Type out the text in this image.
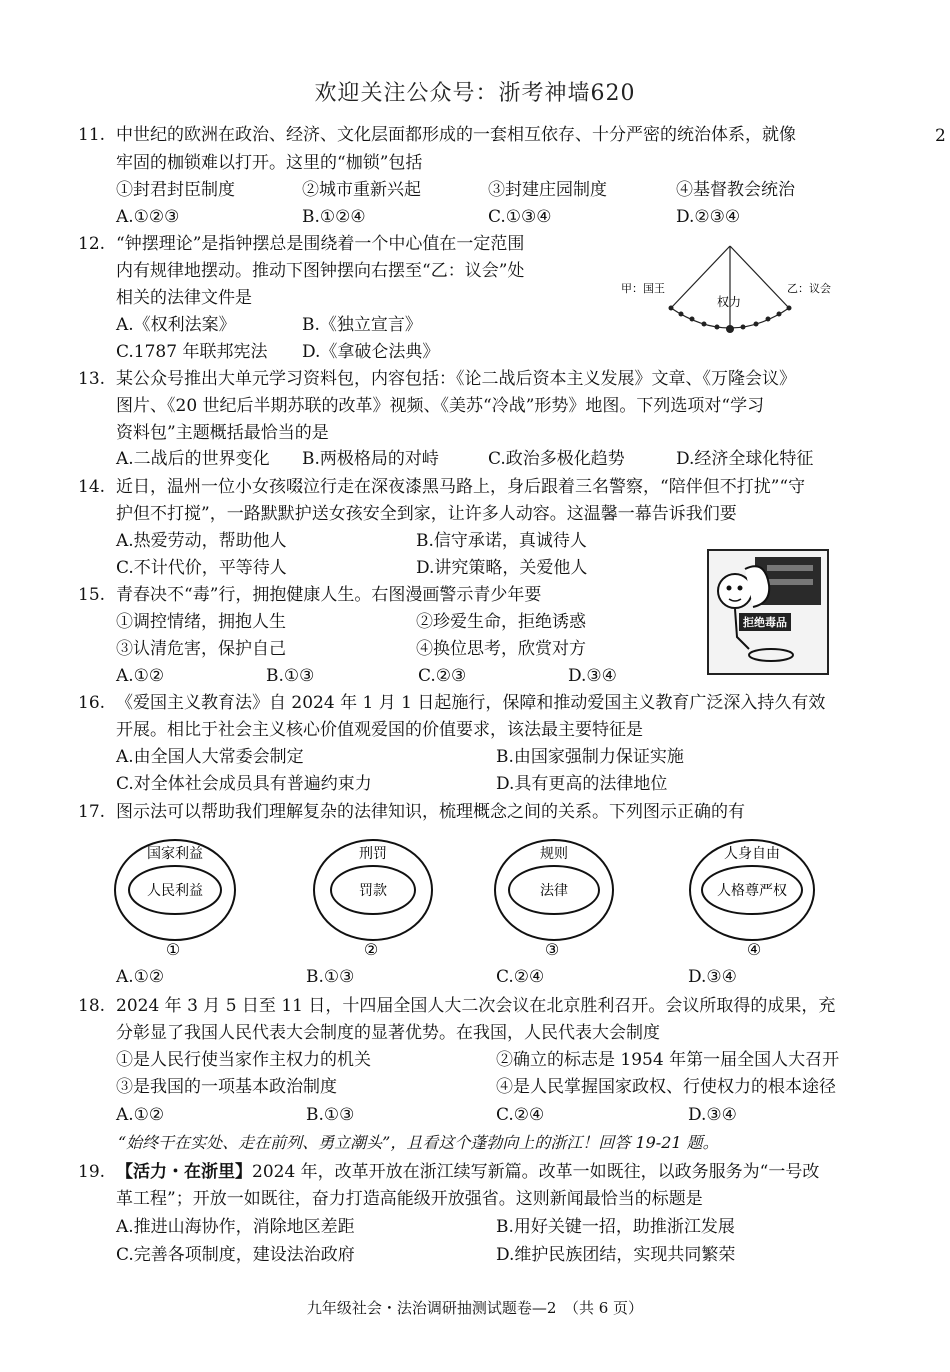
欢迎关注公众号：浙考神墙620
2
11. 中世纪的欧洲在政治、经济、文化层面都形成的一套相互依存、十分严密的统治体系，就像
牢固的枷锁难以打开。这里的“枷锁”包括
①封君封臣制度	②城市重新兴起	③封建庄园制度	④基督教会统治
A.①②③	B.①②④	C.①③④	D.②③④
12. “钟摆理论”是指钟摆总是围绕着一个中心值在一定范围
内有规律地摆动。推动下图钟摆向右摆至“乙：议会”处
相关的法律文件是
A.《权利法案》	B.《独立宣言》
C.1787 年联邦宪法 D.《拿破仑法典》
甲：国王	乙：议会
权力
13. 某公众号推出大单元学习资料包，内容包括：《论二战后资本主义发展》文章、《万隆会议》
图片、《20 世纪后半期苏联的改革》视频、《美苏“冷战”形势》地图。下列选项对“学习
资料包”主题概括最恰当的是
A.二战后的世界变化 B.两极格局的对峙	C.政治多极化趋势	D.经济全球化特征
14. 近日，温州一位小女孩啜泣行走在深夜漆黑马路上，身后跟着三名警察，“陪伴但不打扰”“守
护但不打搅”，一路默默护送女孩安全到家，让许多人动容。这温馨一幕告诉我们要
A.热爱劳动，帮助他人	B.信守承诺，真诚待人
C.不计代价，平等待人	D.讲究策略，关爱他人
15. 青春决不“毒”行，拥抱健康人生。右图漫画警示青少年要
①调控情绪，拥抱人生	②珍爱生命，拒绝诱惑
③认清危害，保护自己	④换位思考，欣赏对方
A.①②	B.①③	C.②③	D.③④
拒绝毒品
16. 《爱国主义教育法》自 2024 年 1 月 1 日起施行，保障和推动爱国主义教育广泛深入持久有效
开展。相比于社会主义核心价值观爱国的价值要求，该法最主要特征是
A.由全国人大常委会制定	B.由国家强制力保证实施
C.对全体社会成员具有普遍约束力	D.具有更高的法律地位
17. 图示法可以帮助我们理解复杂的法律知识，梳理概念之间的关系。下列图示正确的有
国家利益
人民利益
①
刑罚
罚款
②
规则
法律
③
人身自由
人格尊严权
④
A.①②	B.①③	C.②④	D.③④
18. 2024 年 3 月 5 日至 11 日，十四届全国人大二次会议在北京胜利召开。会议所取得的成果，充
分彰显了我国人民代表大会制度的显著优势。在我国，人民代表大会制度
①是人民行使当家作主权力的机关	②确立的标志是 1954 年第一届全国人大召开
③是我国的一项基本政治制度	④是人民掌握国家政权、行使权力的根本途径
A.①②	B.①③	C.②④	D.③④
“始终干在实处、走在前列、勇立潮头”，且看这个蓬勃向上的浙江！回答 19-21 题。
19. 【活力・在浙里】2024 年，改革开放在浙江续写新篇。改革一如既往，以政务服务为“一号改
革工程”；开放一如既往，奋力打造高能级开放强省。这则新闻最恰当的标题是
A.推进山海协作，消除地区差距	B.用好关键一招，助推浙江发展
C.完善各项制度，建设法治政府	D.维护民族团结，实现共同繁荣
九年级社会・法治调研抽测试题卷—2　（共 6 页）
